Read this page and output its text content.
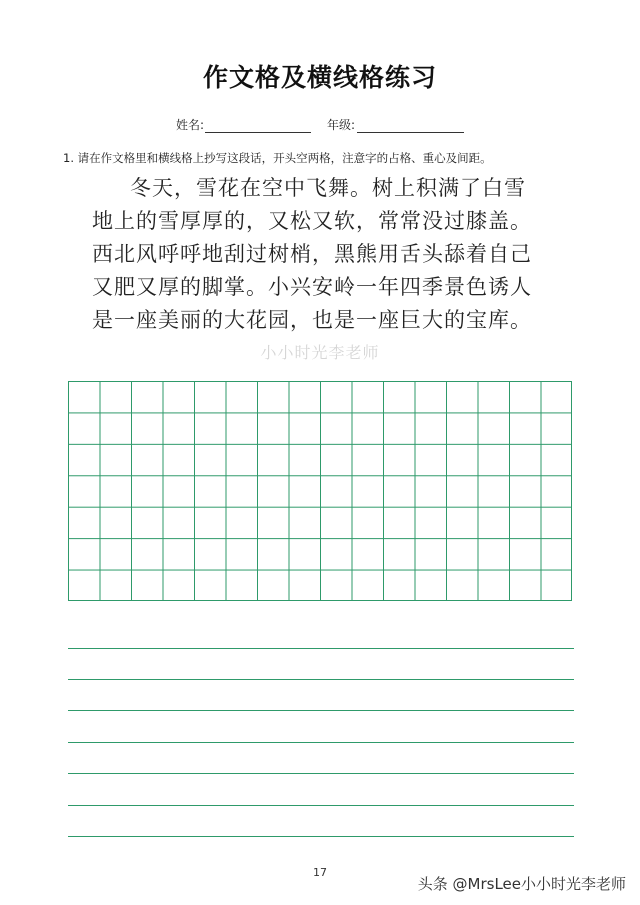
作文格及横线格练习
姓名:	年级:
1. 请在作文格里和横线格上抄写这段话，开头空两格，注意字的占格、重心及间距。
冬天，雪花在空中飞舞。树上积满了白雪
地上的雪厚厚的，又松又软，常常没过膝盖。
西北风呼呼地刮过树梢，黑熊用舌头舔着自己
又肥又厚的脚掌。小兴安岭一年四季景色诱人
是一座美丽的大花园，也是一座巨大的宝库。
小小时光李老师
17
头条 @MrsLee小小时光李老师
